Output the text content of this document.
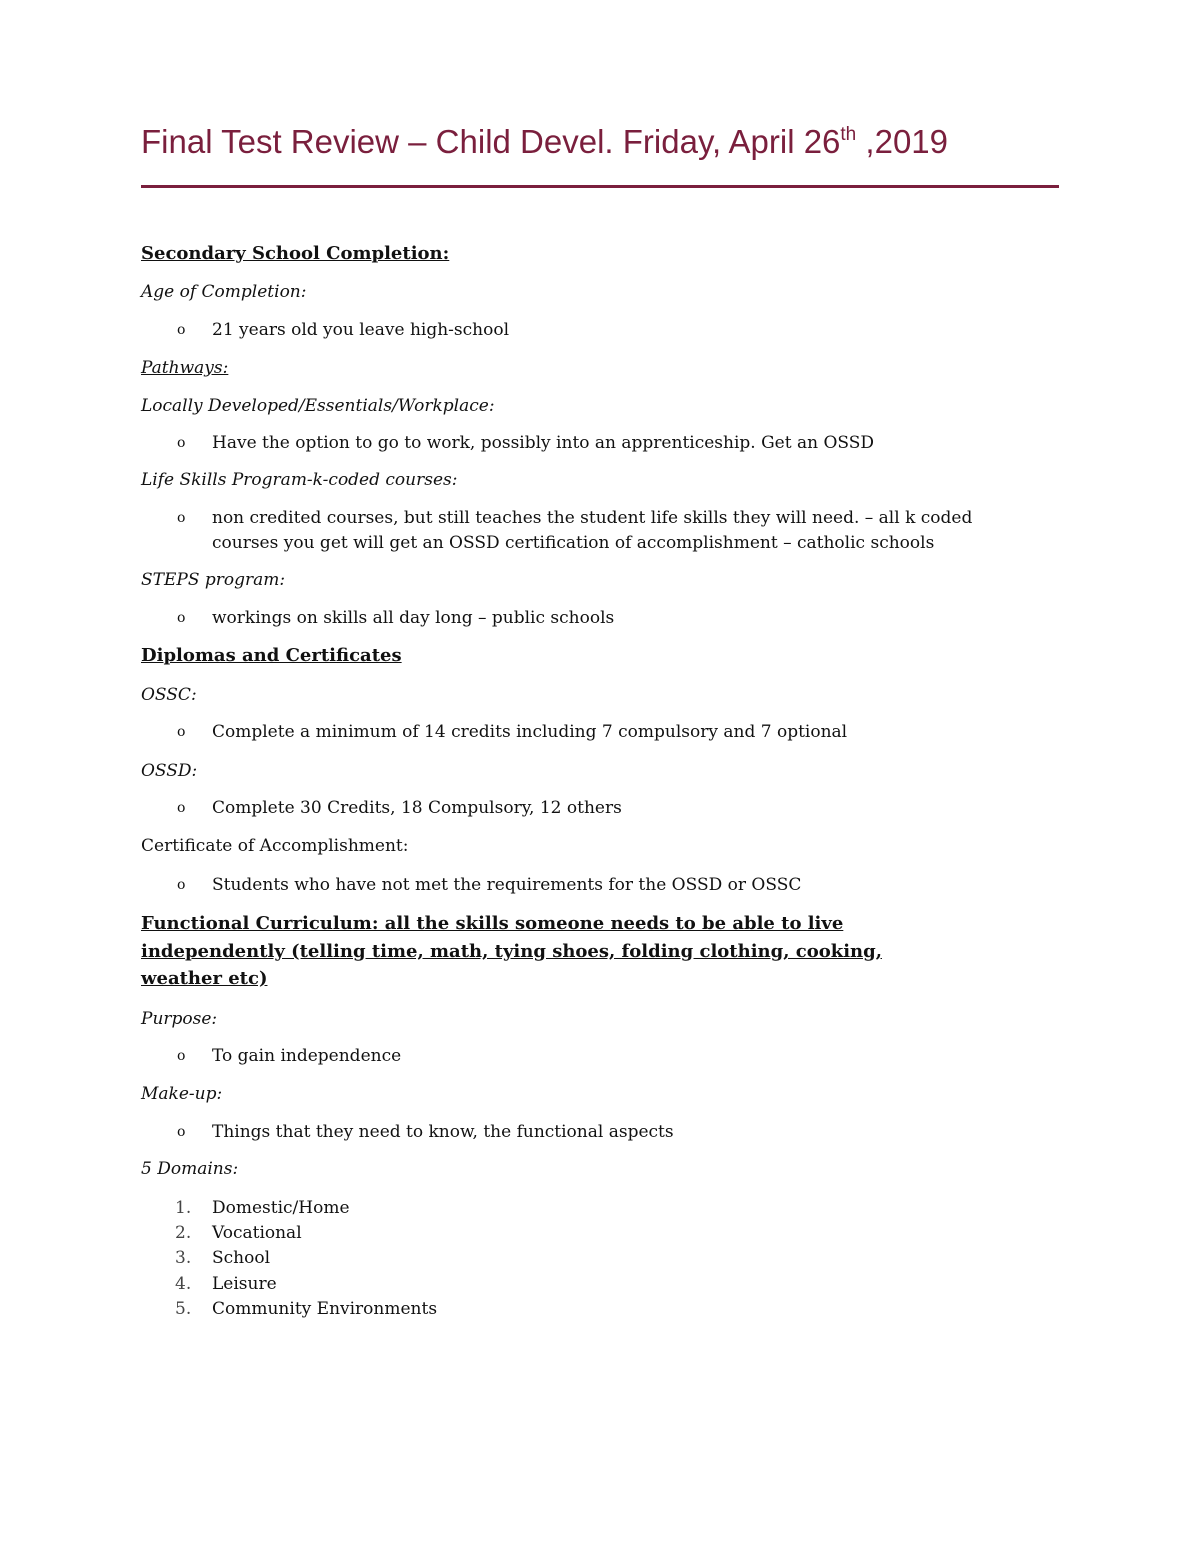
Final Test Review – Child Devel. Friday, April 26th ,2019
Secondary School Completion:
Age of Completion:
o 21 years old you leave high-school
Pathways:
Locally Developed/Essentials/Workplace:
o Have the option to go to work, possibly into an apprenticeship. Get an OSSD
Life Skills Program-k-coded courses:
o non credited courses, but still teaches the student life skills they will need. – all k coded
courses you get will get an OSSD certification of accomplishment – catholic schools
STEPS program:
o workings on skills all day long – public schools
Diplomas and Certificates
OSSC:
o Complete a minimum of 14 credits including 7 compulsory and 7 optional
OSSD:
o Complete 30 Credits, 18 Compulsory, 12 others
Certificate of Accomplishment:
o Students who have not met the requirements for the OSSD or OSSC
Functional Curriculum: all the skills someone needs to be able to live
independently (telling time, math, tying shoes, folding clothing, cooking,
weather etc)
Purpose:
o To gain independence
Make-up:
o Things that they need to know, the functional aspects
5 Domains:
1. Domestic/Home
2. Vocational
3. School
4. Leisure
5. Community Environments
